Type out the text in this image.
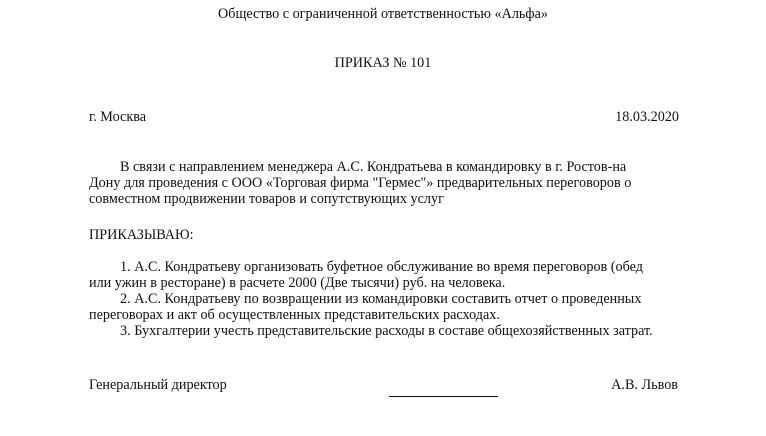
Общество с ограниченной ответственностью «Альфа»
ПРИКАЗ № 101
г. Москва	18.03.2020
В связи с направлением менеджера А.С. Кондратьева в командировку в г. Ростов-на
Дону для проведения с ООО «Торговая фирма "Гермес"» предварительных переговоров о
совместном продвижении товаров и сопутствующих услуг
ПРИКАЗЫВАЮ:
1. А.С. Кондратьеву организовать буфетное обслуживание во время переговоров (обед
или ужин в ресторане) в расчете 2000 (Две тысячи) руб. на человека.
2. А.С. Кондратьеву по возвращении из командировки составить отчет о проведенных
переговорах и акт об осуществленных представительских расходах.
3. Бухгалтерии учесть представительские расходы в составе общехозяйственных затрат.
Генеральный директор	А.В. Львов
